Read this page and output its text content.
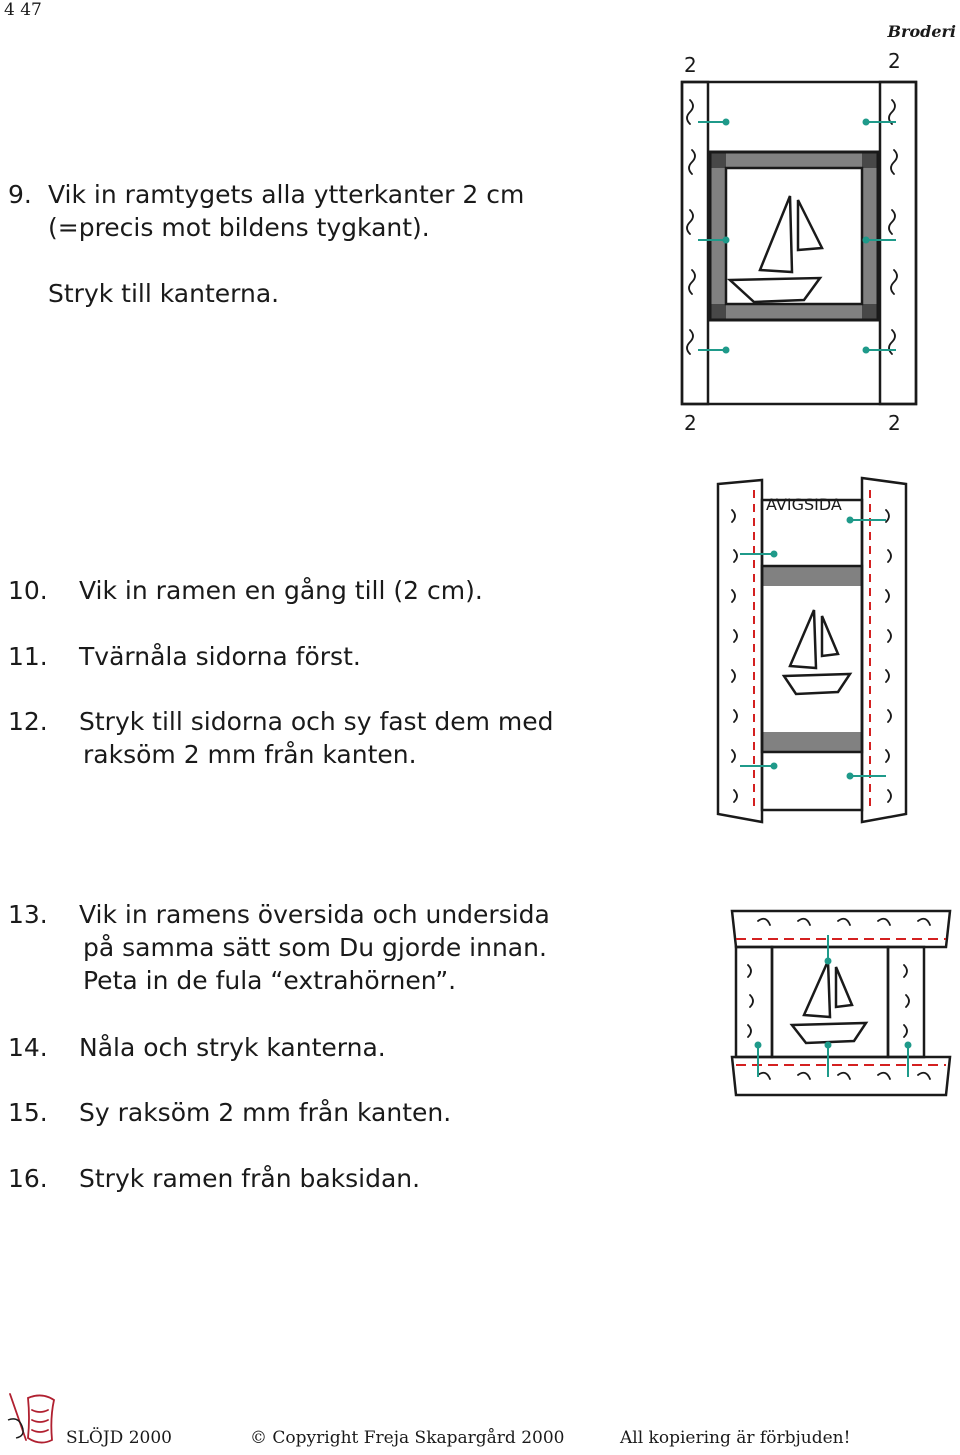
4 47
Broderi
9. Vik in ramtygets alla ytterkanter 2 cm
(=precis mot bildens tygkant).
Stryk till kanterna.
10. Vik in ramen en gång till (2 cm).
11. Tvärnåla sidorna först.
12. Stryk till sidorna och sy fast dem med
raksöm 2 mm från kanten.
13. Vik in ramens översida och undersida
på samma sätt som Du gjorde innan.
Peta in de fula “extrahörnen”.
14. Nåla och stryk kanterna.
15. Sy raksöm 2 mm från kanten.
16. Stryk ramen från baksidan.
2	2
2	2
AVIGSIDA
SLÖJD 2000	© Copyright Freja Skapargård 2000	All kopiering är förbjuden!
